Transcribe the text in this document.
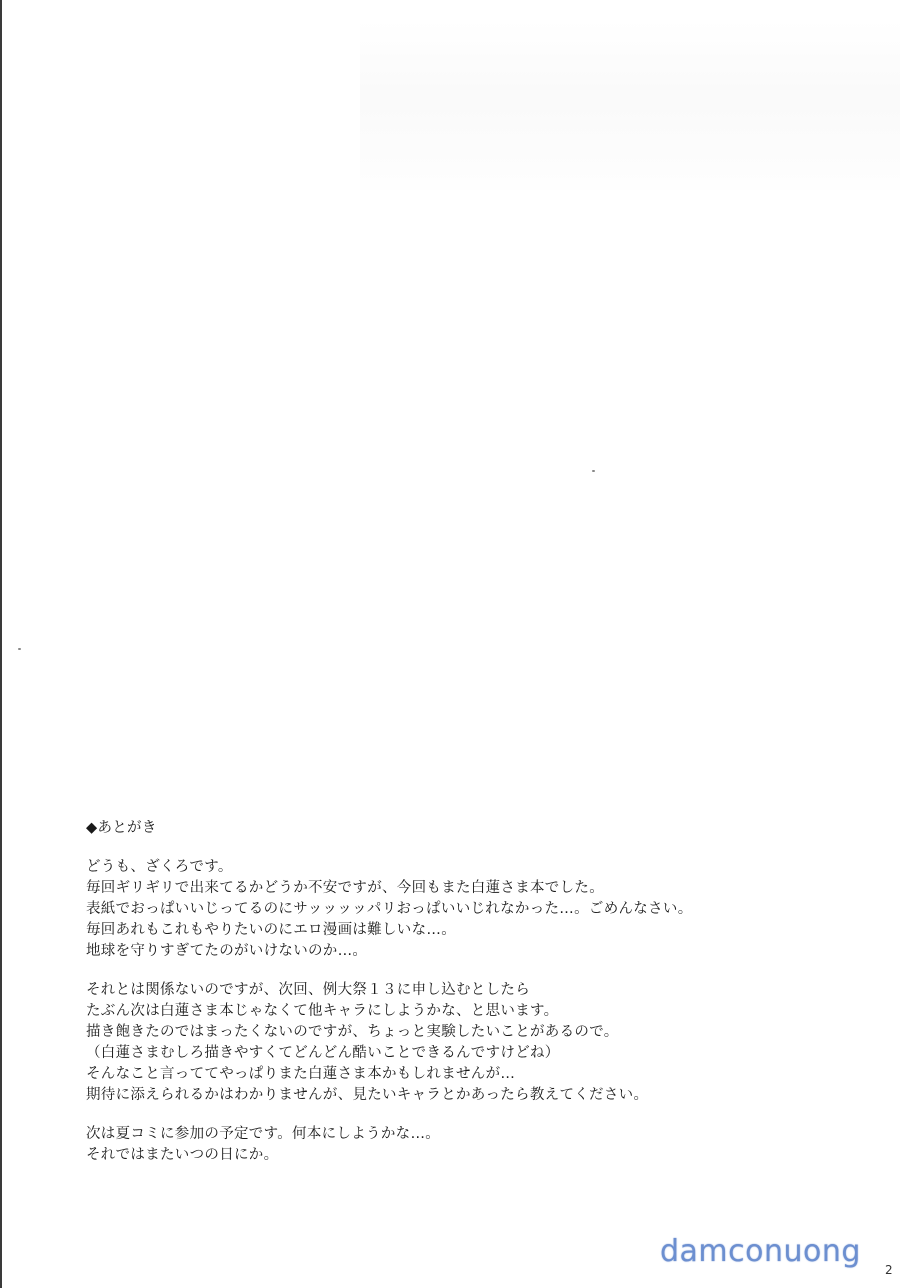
◆あとがき
どうも、ざくろです。
毎回ギリギリで出来てるかどうか不安ですが、今回もまた白蓮さま本でした。
表紙でおっぱいいじってるのにサッッッッパリおっぱいいじれなかった…。ごめんなさい。
毎回あれもこれもやりたいのにエロ漫画は難しいな…。
地球を守りすぎてたのがいけないのか…。
それとは関係ないのですが、次回、例大祭１３に申し込むとしたら
たぶん次は白蓮さま本じゃなくて他キャラにしようかな、と思います。
描き飽きたのではまったくないのですが、ちょっと実験したいことがあるので。
（白蓮さまむしろ描きやすくてどんどん酷いことできるんですけどね）
そんなこと言っててやっぱりまた白蓮さま本かもしれませんが…
期待に添えられるかはわかりませんが、見たいキャラとかあったら教えてください。
次は夏コミに参加の予定です。何本にしようかな…。
それではまたいつの日にか。
damconuong
2
